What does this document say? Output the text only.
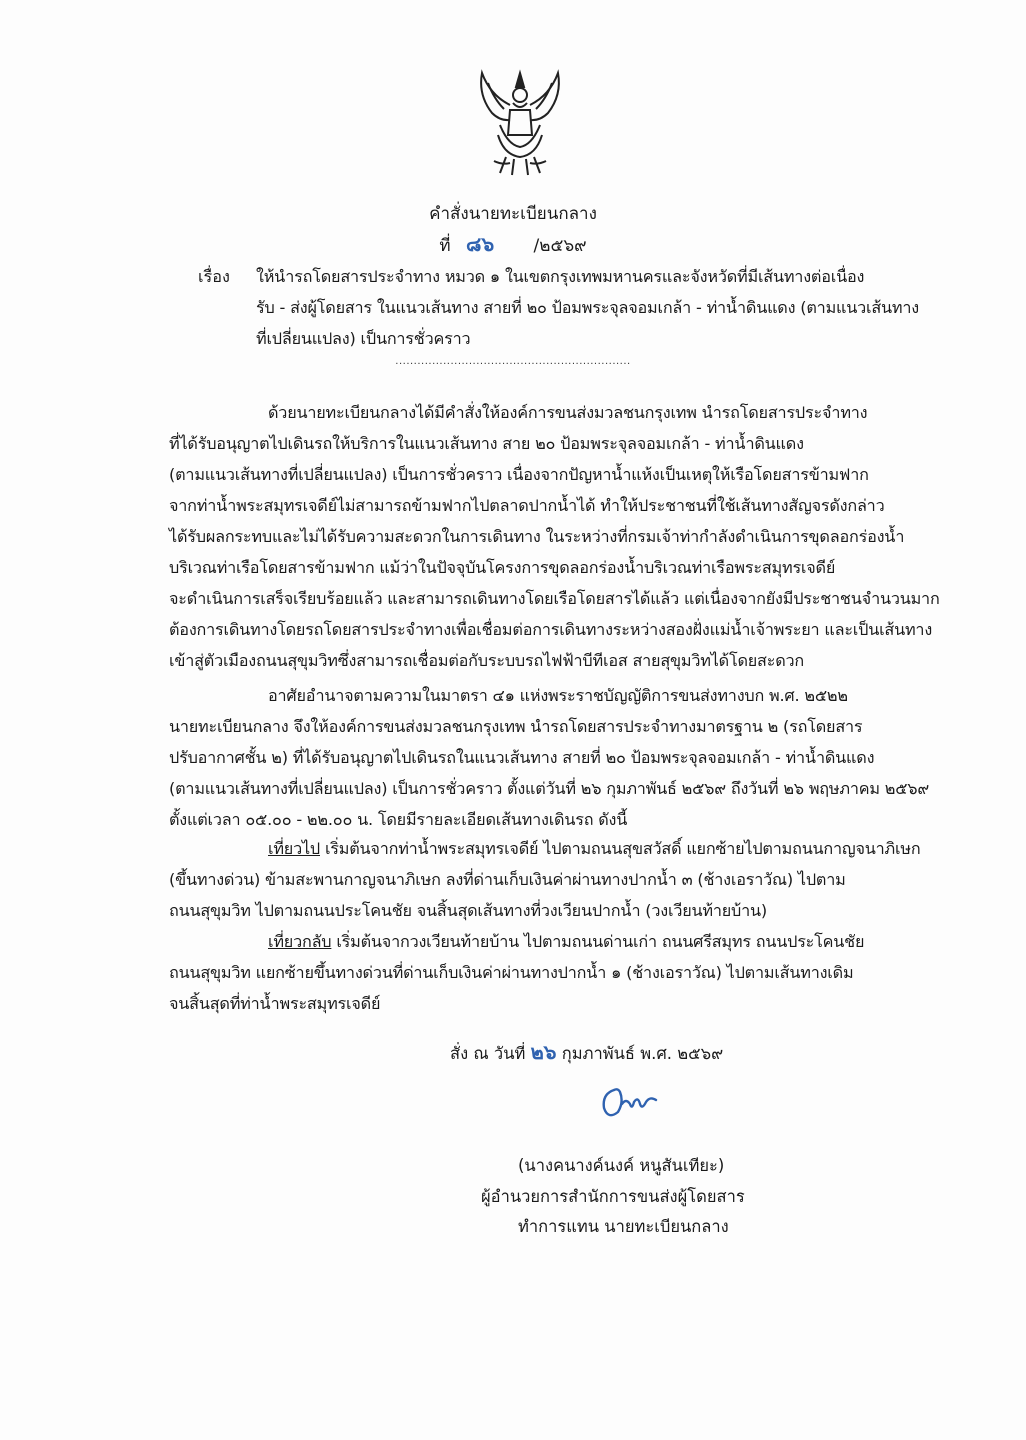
คำสั่งนายทะเบียนกลาง
ที่ ๘๖ /๒๕๖๙
เรื่อง ให้นำรถโดยสารประจำทาง หมวด ๑ ในเขตกรุงเทพมหานครและจังหวัดที่มีเส้นทางต่อเนื่อง
รับ - ส่งผู้โดยสาร ในแนวเส้นทาง สายที่ ๒๐ ป้อมพระจุลจอมเกล้า - ท่าน้ำดินแดง (ตามแนวเส้นทาง
ที่เปลี่ยนแปลง) เป็นการชั่วคราว
................................................................
ด้วยนายทะเบียนกลางได้มีคำสั่งให้องค์การขนส่งมวลชนกรุงเทพ นำรถโดยสารประจำทาง
ที่ได้รับอนุญาตไปเดินรถให้บริการในแนวเส้นทาง สาย ๒๐ ป้อมพระจุลจอมเกล้า - ท่าน้ำดินแดง
(ตามแนวเส้นทางที่เปลี่ยนแปลง) เป็นการชั่วคราว เนื่องจากปัญหาน้ำแห้งเป็นเหตุให้เรือโดยสารข้ามฟาก
จากท่าน้ำพระสมุทรเจดีย์ไม่สามารถข้ามฟากไปตลาดปากน้ำได้ ทำให้ประชาชนที่ใช้เส้นทางสัญจรดังกล่าว
ได้รับผลกระทบและไม่ได้รับความสะดวกในการเดินทาง ในระหว่างที่กรมเจ้าท่ากำลังดำเนินการขุดลอกร่องน้ำ
บริเวณท่าเรือโดยสารข้ามฟาก แม้ว่าในปัจจุบันโครงการขุดลอกร่องน้ำบริเวณท่าเรือพระสมุทรเจดีย์
จะดำเนินการเสร็จเรียบร้อยแล้ว และสามารถเดินทางโดยเรือโดยสารได้แล้ว แต่เนื่องจากยังมีประชาชนจำนวนมาก
ต้องการเดินทางโดยรถโดยสารประจำทางเพื่อเชื่อมต่อการเดินทางระหว่างสองฝั่งแม่น้ำเจ้าพระยา และเป็นเส้นทาง
เข้าสู่ตัวเมืองถนนสุขุมวิทซึ่งสามารถเชื่อมต่อกับระบบรถไฟฟ้าบีทีเอส สายสุขุมวิทได้โดยสะดวก
อาศัยอำนาจตามความในมาตรา ๔๑ แห่งพระราชบัญญัติการขนส่งทางบก พ.ศ. ๒๕๒๒
นายทะเบียนกลาง จึงให้องค์การขนส่งมวลชนกรุงเทพ นำรถโดยสารประจำทางมาตรฐาน ๒ (รถโดยสาร
ปรับอากาศชั้น ๒) ที่ได้รับอนุญาตไปเดินรถในแนวเส้นทาง สายที่ ๒๐ ป้อมพระจุลจอมเกล้า - ท่าน้ำดินแดง
(ตามแนวเส้นทางที่เปลี่ยนแปลง) เป็นการชั่วคราว ตั้งแต่วันที่ ๒๖ กุมภาพันธ์ ๒๕๖๙ ถึงวันที่ ๒๖ พฤษภาคม ๒๕๖๙
ตั้งแต่เวลา ๐๕.๐๐ - ๒๒.๐๐ น. โดยมีรายละเอียดเส้นทางเดินรถ ดังนี้
เที่ยวไป เริ่มต้นจากท่าน้ำพระสมุทรเจดีย์ ไปตามถนนสุขสวัสดิ์ แยกซ้ายไปตามถนนกาญจนาภิเษก
(ขึ้นทางด่วน) ข้ามสะพานกาญจนาภิเษก ลงที่ด่านเก็บเงินค่าผ่านทางปากน้ำ ๓ (ช้างเอราวัณ) ไปตาม
ถนนสุขุมวิท ไปตามถนนประโคนชัย จนสิ้นสุดเส้นทางที่วงเวียนปากน้ำ (วงเวียนท้ายบ้าน)
เที่ยวกลับ เริ่มต้นจากวงเวียนท้ายบ้าน ไปตามถนนด่านเก่า ถนนศรีสมุทร ถนนประโคนชัย
ถนนสุขุมวิท แยกซ้ายขึ้นทางด่วนที่ด่านเก็บเงินค่าผ่านทางปากน้ำ ๑ (ช้างเอราวัณ) ไปตามเส้นทางเดิม
จนสิ้นสุดที่ท่าน้ำพระสมุทรเจดีย์
สั่ง ณ วันที่ ๒๖ กุมภาพันธ์ พ.ศ. ๒๕๖๙
(นางคนางค์นงค์ หนูสันเทียะ)
ผู้อำนวยการสำนักการขนส่งผู้โดยสาร
ทำการแทน นายทะเบียนกลาง
